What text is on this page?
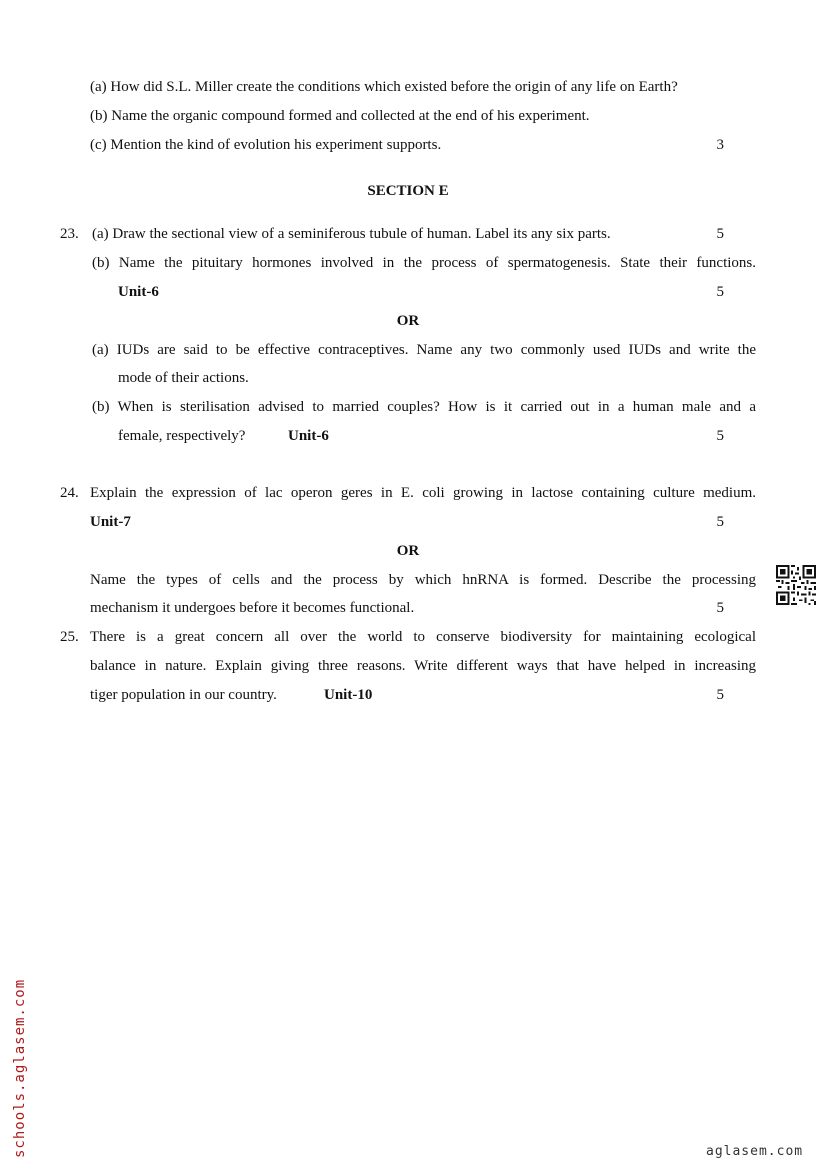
(a) How did S.L. Miller create the conditions which existed before the origin of any life on Earth?
(b) Name the organic compound formed and collected at the end of his experiment.
(c) Mention the kind of evolution his experiment supports.	3
SECTION E
23. (a) Draw the sectional view of a seminiferous tubule of human. Label its any six parts.	5
(b) Name the pituitary hormones involved in the process of spermatogenesis. State their functions.
Unit-6	5
OR
(a) IUDs are said to be effective contraceptives. Name any two commonly used IUDs and write the
mode of their actions.
(b) When is sterilisation advised to married couples? How is it carried out in a human male and a
female, respectively?	Unit-6	5
24. Explain the expression of lac operon geres in E. coli growing in lactose containing culture medium.
Unit-7	5
OR
Name the types of cells and the process by which hnRNA is formed. Describe the processing
mechanism it undergoes before it becomes functional.	5
25. There is a great concern all over the world to conserve biodiversity for maintaining ecological
balance in nature. Explain giving three reasons. Write different ways that have helped in increasing
tiger population in our country.	Unit-10	5
schools.aglasem.com	aglasem.com
